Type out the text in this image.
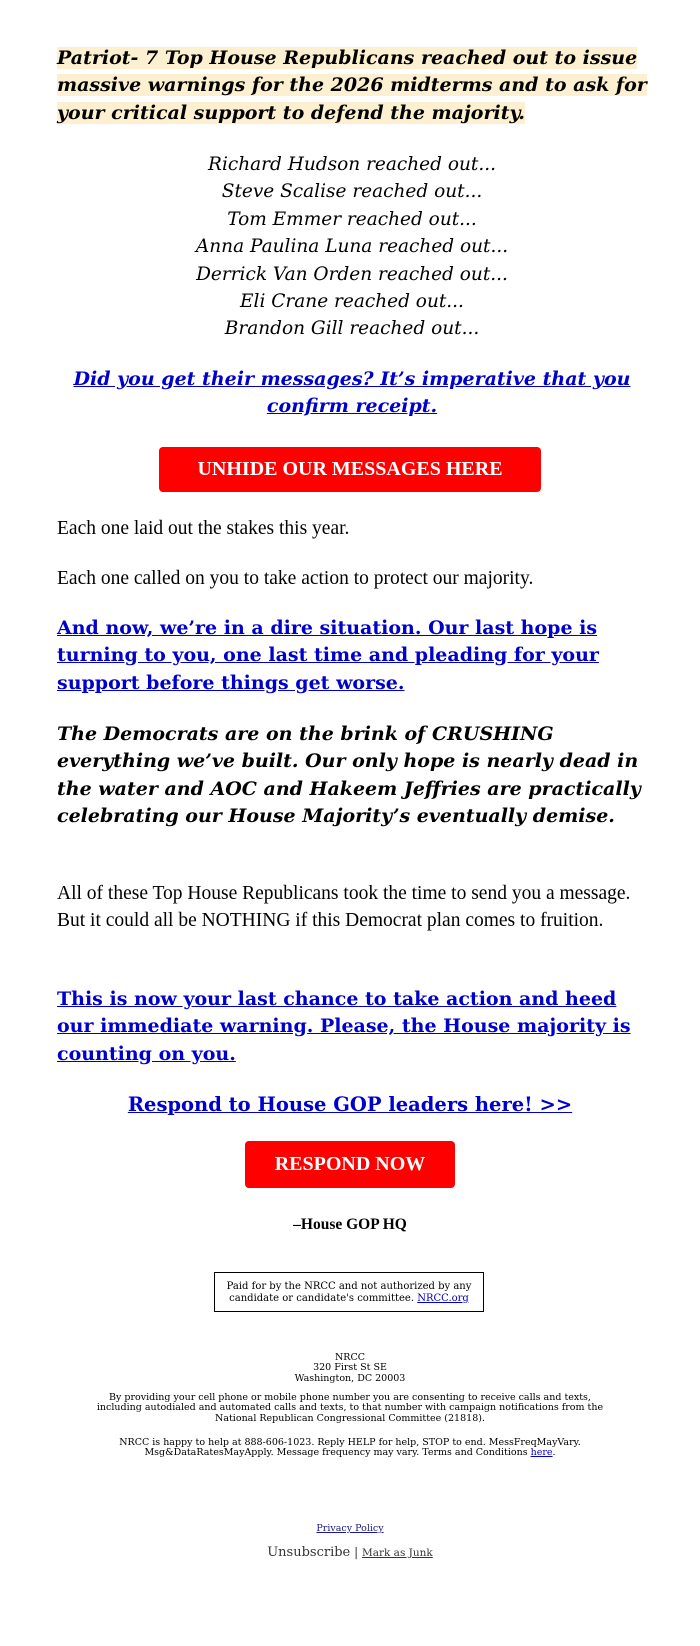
Patriot- 7 Top House Republicans reached out to issue massive warnings for the 2026 midterms and to ask for your critical support to defend the majority.
Richard Hudson reached out...
Steve Scalise reached out...
Tom Emmer reached out...
Anna Paulina Luna reached out...
Derrick Van Orden reached out...
Eli Crane reached out...
Brandon Gill reached out...
Did you get their messages? It’s imperative that you confirm receipt.
UNHIDE OUR MESSAGES HERE

Each one laid out the stakes this year.

Each one called on you to take action to protect our majority.

And now, we’re in a dire situation. Our last hope is turning to you, one last time and pleading for your support before things get worse.

The Democrats are on the brink of CRUSHING everything we’ve built. Our only hope is nearly dead in the water and AOC and Hakeem Jeffries are practically celebrating our House Majority’s eventually demise.

All of these Top House Republicans took the time to send you a message. But it could all be NOTHING if this Democrat plan comes to fruition.

This is now your last chance to take action and heed our immediate warning. Please, the House majority is counting on you.
Respond to House GOP leaders here! >>
RESPOND NOW
–House GOP HQ
Paid for by the NRCC and not authorized by any candidate or candidate's committee. NRCC.org
NRCC
320 First St SE
Washington, DC 20003
By providing your cell phone or mobile phone number you are consenting to receive calls and texts, including autodialed and automated calls and texts, to that number with campaign notifications from the National Republican Congressional Committee (21818).
NRCC is happy to help at 888-606-1023. Reply HELP for help, STOP to end. MessFreqMayVary. Msg&DataRatesMayApply. Message frequency may vary. Terms and Conditions here.
Privacy Policy
Unsubscribe | Mark as Junk
